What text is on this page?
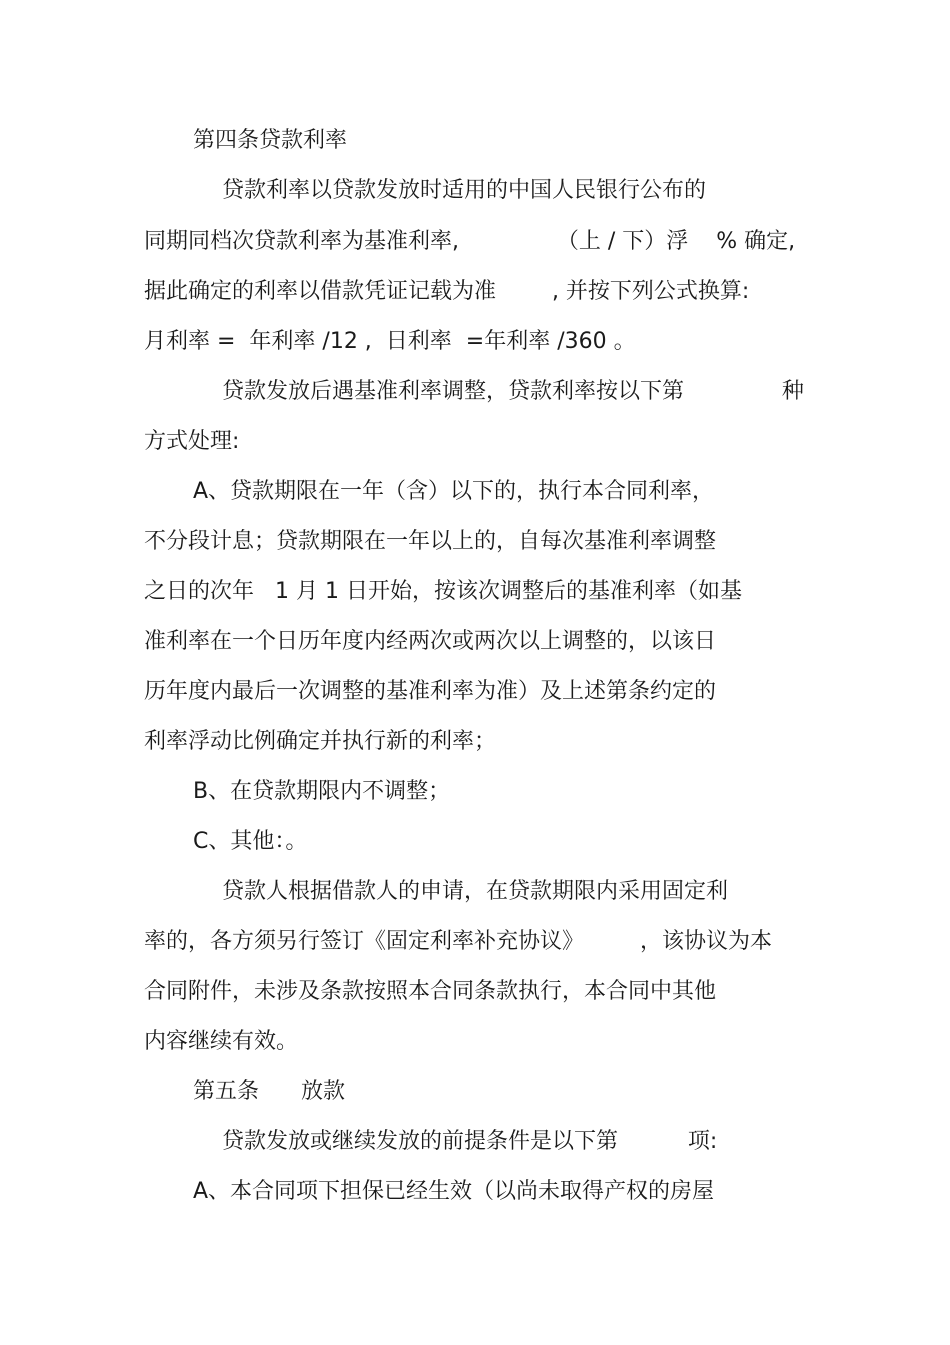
第四条贷款利率
贷款利率以贷款发放时适用的中国人民银行公布的
同期同档次贷款利率为基准利率,              （上 / 下）浮    % 确定,
据此确定的利率以借款凭证记载为准        , 并按下列公式换算:
月利率 =  年利率 /12 ,  日利率  =年利率 /360 。
贷款发放后遇基准利率调整，贷款利率按以下第              种
方式处理:
A、贷款期限在一年（含）以下的，执行本合同利率，
不分段计息；贷款期限在一年以上的，自每次基准利率调整
之日的次年   1 月 1 日开始，按该次调整后的基准利率（如基
准利率在一个日历年度内经两次或两次以上调整的，以该日
历年度内最后一次调整的基准利率为准）及上述第条约定的
利率浮动比例确定并执行新的利率；
B、在贷款期限内不调整；
C、其他：。
贷款人根据借款人的申请，在贷款期限内采用固定利
率的，各方须另行签订《固定利率补充协议》        ，该协议为本
合同附件，未涉及条款按照本合同条款执行，本合同中其他
内容继续有效。
第五条      放款
贷款发放或继续发放的前提条件是以下第          项:
A、本合同项下担保已经生效（以尚未取得产权的房屋
